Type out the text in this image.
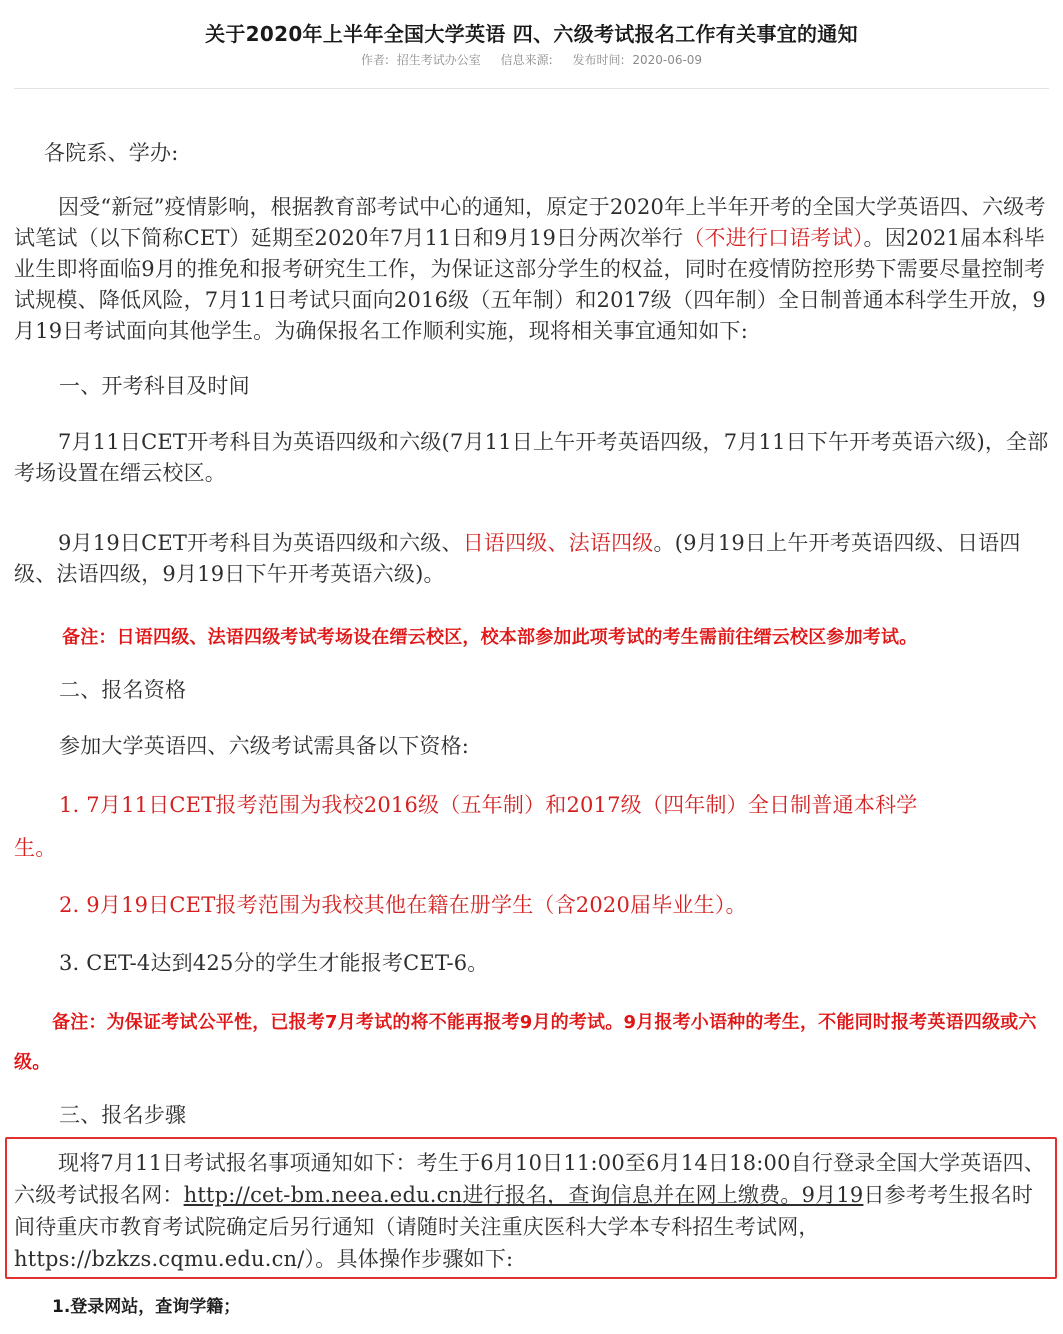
关于2020年上半年全国大学英语 四、六级考试报名工作有关事宜的通知
作者: 招生考试办公室 信息来源: 发布时间: 2020-06-09
各院系、学办:
因受“新冠”疫情影响，根据教育部考试中心的通知，原定于2020年上半年开考的全国大学英语四、六级考试笔试（以下简称CET）延期至2020年7月11日和9月19日分两次举行（不进行口语考试）。因2021届本科毕业生即将面临9月的推免和报考研究生工作，为保证这部分学生的权益，同时在疫情防控形势下需要尽量控制考试规模、降低风险，7月11日考试只面向2016级（五年制）和2017级（四年制）全日制普通本科学生开放，9月19日考试面向其他学生。为确保报名工作顺利实施，现将相关事宜通知如下:
一、开考科目及时间
7月11日CET开考科目为英语四级和六级(7月11日上午开考英语四级，7月11日下午开考英语六级)，全部考场设置在缙云校区。
9月19日CET开考科目为英语四级和六级、日语四级、法语四级。(9月19日上午开考英语四级、日语四级、法语四级，9月19日下午开考英语六级)。
备注：日语四级、法语四级考试考场设在缙云校区，校本部参加此项考试的考生需前往缙云校区参加考试。
二、报名资格
参加大学英语四、六级考试需具备以下资格:
1. 7月11日CET报考范围为我校2016级（五年制）和2017级（四年制）全日制普通本科学
生。
2. 9月19日CET报考范围为我校其他在籍在册学生（含2020届毕业生）。
3. CET-4达到425分的学生才能报考CET-6。
备注：为保证考试公平性，已报考7月考试的将不能再报考9月的考试。9月报考小语种的考生，不能同时报考英语四级或六级。
三、报名步骤
现将7月11日考试报名事项通知如下：考生于6月10日11:00至6月14日18:00自行登录全国大学英语四、六级考试报名网：http://cet-bm.neea.edu.cn进行报名，查询信息并在网上缴费。9月19日参考考生报名时间待重庆市教育考试院确定后另行通知（请随时关注重庆医科大学本专科招生考试网，https://bzkzs.cqmu.edu.cn/）。具体操作步骤如下:
1.登录网站，查询学籍；
